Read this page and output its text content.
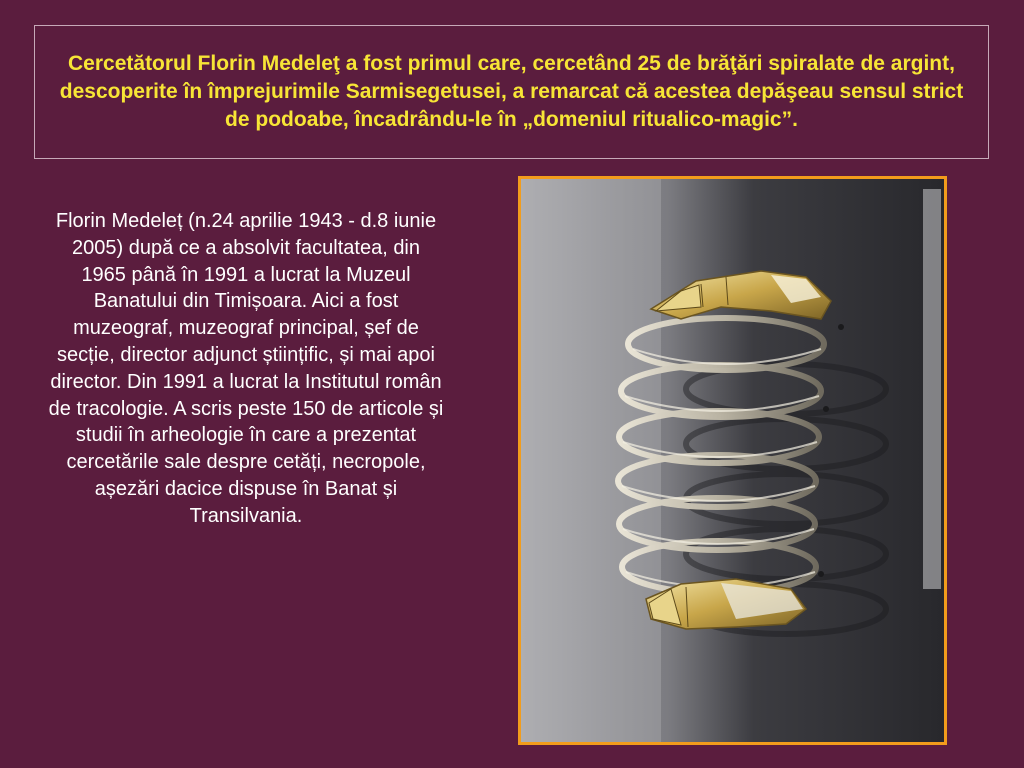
Cercetătorul Florin Medeleţ a fost primul care, cercetând 25 de brăţări spiralate de argint, descoperite în împrejurimile Sarmisegetusei, a remarcat că acestea depăşeau sensul strict de podoabe, încadrându-le în „domeniul ritualico-magic”.
Florin Medeleț (n.24 aprilie 1943 - d.8 iunie 2005) după ce a absolvit facultatea, din 1965 până în 1991 a lucrat la Muzeul Banatului din Timișoara. Aici a fost muzeograf, muzeograf principal, șef de secție, director adjunct științific, și mai apoi director. Din 1991 a lucrat la Institutul român de tracologie. A scris peste 150 de articole și studii în arheologie în care a prezentat cercetările sale despre cetăți, necropole, așezări dacice dispuse în Banat și Transilvania.
